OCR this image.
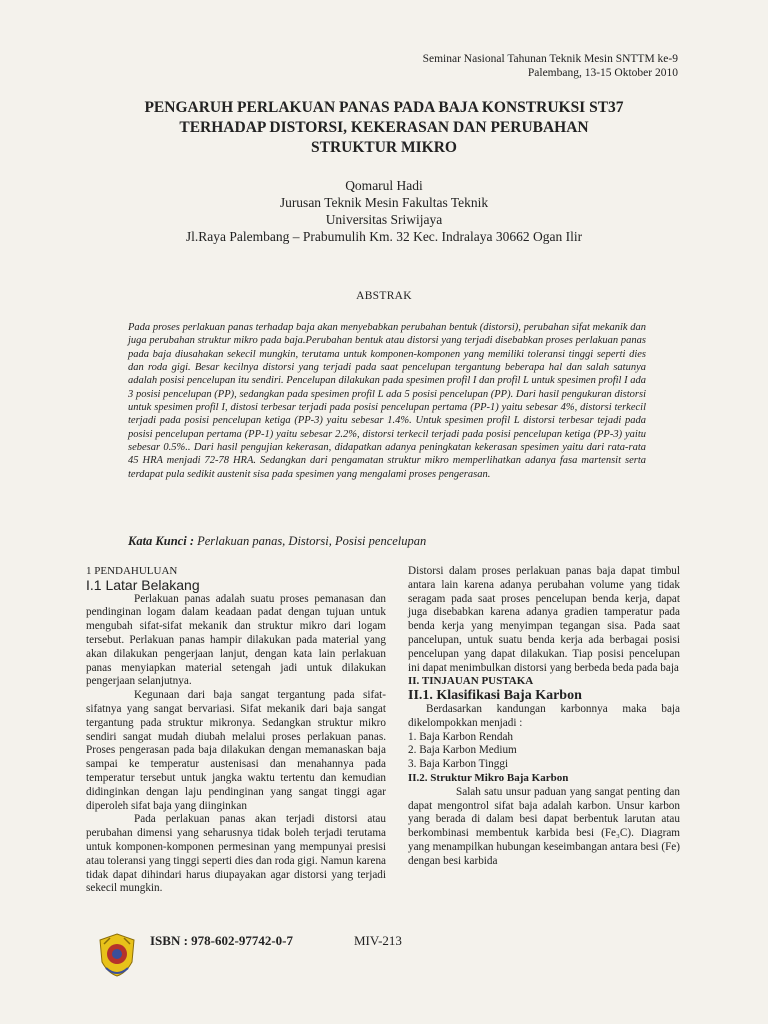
Seminar Nasional Tahunan Teknik Mesin SNTTM ke-9
Palembang, 13-15 Oktober 2010
PENGARUH PERLAKUAN PANAS PADA BAJA KONSTRUKSI ST37
TERHADAP DISTORSI, KEKERASAN DAN PERUBAHAN
STRUKTUR MIKRO
Qomarul Hadi
Jurusan Teknik Mesin Fakultas Teknik
Universitas Sriwijaya
Jl.Raya Palembang – Prabumulih Km. 32 Kec. Indralaya 30662 Ogan Ilir
ABSTRAK

Pada proses perlakuan panas terhadap baja akan menyebabkan perubahan bentuk (distorsi), perubahan sifat mekanik dan juga perubahan struktur mikro pada baja.Perubahan bentuk atau distorsi yang terjadi disebabkan proses perlakuan panas pada baja diusahakan sekecil mungkin, terutama untuk komponen-komponen yang memiliki toleransi tinggi seperti dies dan roda gigi. Besar kecilnya distorsi yang terjadi pada saat pencelupan tergantung beberapa hal dan salah satunya adalah posisi pencelupan itu sendiri. Pencelupan dilakukan pada spesimen profil I dan profil L untuk spesimen profil I ada 3 posisi pencelupan (PP), sedangkan pada spesimen profil L ada 5 posisi pencelupan (PP). Dari hasil pengukuran distorsi untuk spesimen profil I, distosi terbesar terjadi pada posisi pencelupan pertama (PP-1) yaitu sebesar 4%, distorsi terkecil terjadi pada posisi pencelupan ketiga (PP-3) yaitu sebesar 1.4%. Untuk spesimen profil L distorsi terbesar tejadi pada posisi pencelupan pertama (PP-1) yaitu sebesar 2.2%, distorsi terkecil terjadi pada posisi pencelupan ketiga (PP-3) yaitu sebesar 0.5%.. Dari hasil pengujian kekerasan, didapatkan adanya peningkatan kekerasan spesimen yaitu dari rata-rata 45 HRA menjadi 72-78 HRA. Sedangkan dari pengamatan struktur mikro memperlihatkan adanya fasa martensit serta terdapat pula sedikit austenit sisa pada spesimen yang mengalami proses pengerasan.

Kata Kunci : Perlakuan panas, Distorsi, Posisi pencelupan

1 PENDAHULUAN

I.1 Latar Belakang

Perlakuan panas adalah suatu proses pemanasan dan pendinginan logam dalam keadaan padat dengan tujuan untuk mengubah sifat-sifat mekanik dan struktur mikro dari logam tersebut. Perlakuan panas hampir dilakukan pada material yang akan dilakukan pengerjaan lanjut, dengan kata lain perlakuan panas menyiapkan material setengah jadi untuk dilakukan pengerjaan selanjutnya.

Kegunaan dari baja sangat tergantung pada sifat-sifatnya yang sangat bervariasi. Sifat mekanik dari baja sangat tergantung pada struktur mikronya. Sedangkan struktur mikro sendiri sangat mudah diubah melalui proses perlakuan panas. Proses pengerasan pada baja dilakukan dengan memanaskan baja sampai ke temperatur austenisasi dan menahannya pada temperatur tersebut untuk jangka waktu tertentu dan kemudian didinginkan dengan laju pendinginan yang sangat tinggi agar diperoleh sifat baja yang diinginkan

Pada perlakuan panas akan terjadi distorsi atau perubahan dimensi yang seharusnya tidak boleh terjadi terutama untuk komponen-komponen permesinan yang mempunyai presisi atau toleransi yang tinggi seperti dies dan roda gigi. Namun karena tidak dapat dihindari harus diupayakan agar distorsi yang terjadi sekecil mungkin.

Distorsi dalam proses perlakuan panas baja dapat timbul antara lain karena adanya perubahan volume yang tidak seragam pada saat proses pencelupan benda kerja, dapat juga disebabkan karena adanya gradien tamperatur pada benda kerja yang menyimpan tegangan sisa. Pada saat pancelupan, untuk suatu benda kerja ada berbagai posisi pencelupan yang dapat dilakukan. Tiap posisi pencelupan ini dapat menimbulkan distorsi yang berbeda beda pada baja

II. TINJAUAN PUSTAKA

II.1. Klasifikasi Baja Karbon

Berdasarkan kandungan karbonnya maka baja dikelompokkan menjadi :

1. Baja Karbon Rendah
2. Baja Karbon Medium
3. Baja Karbon Tinggi

II.2. Struktur Mikro Baja Karbon

Salah satu unsur paduan yang sangat penting dan dapat mengontrol sifat baja adalah karbon. Unsur karbon yang berada di dalam besi dapat berbentuk larutan atau berkombinasi membentuk karbida besi (Fe₃C). Diagram yang menampilkan hubungan keseimbangan antara besi (Fe) dengan besi karbida

ISBN : 978-602-97742-0-7	MIV-213
